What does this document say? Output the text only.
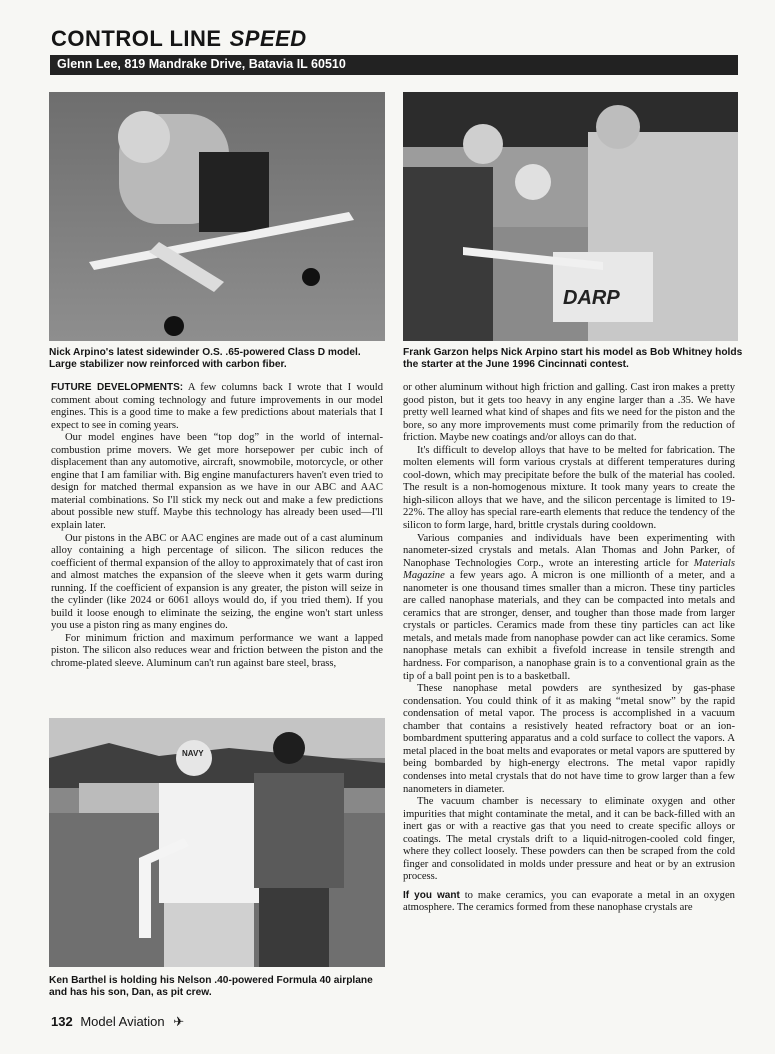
CONTROL LINE SPEED
Glenn Lee, 819 Mandrake Drive, Batavia IL 60510
Nick Arpino's latest sidewinder O.S. .65-powered Class D model. Large stabilizer now reinforced with carbon fiber.
DARP
Frank Garzon helps Nick Arpino start his model as Bob Whitney holds the starter at the June 1996 Cincinnati contest.
NAVY
Ken Barthel is holding his Nelson .40-powered Formula 40 airplane and has his son, Dan, as pit crew.

FUTURE DEVELOPMENTS: A few columns back I wrote that I would comment about coming technology and future improvements in our model engines. This is a good time to make a few predictions about materials that I expect to see in coming years.

Our model engines have been “top dog” in the world of internal-combustion prime movers. We get more horsepower per cubic inch of displacement than any automotive, aircraft, snowmobile, motorcycle, or other engine that I am familiar with. Big engine manufacturers haven't even tried to design for matched thermal expansion as we have in our ABC and AAC material combinations. So I'll stick my neck out and make a few predictions about possible new stuff. Maybe this technology has already been used—I'll explain later.

Our pistons in the ABC or AAC engines are made out of a cast aluminum alloy containing a high percentage of silicon. The silicon reduces the coefficient of thermal expansion of the alloy to approximately that of cast iron and almost matches the expansion of the sleeve when it gets warm during running. If the coefficient of expansion is any greater, the piston will seize in the cylinder (like 2024 or 6061 alloys would do, if you tried them). If you build it loose enough to eliminate the seizing, the engine won't start unless you use a piston ring as many engines do.

For minimum friction and maximum performance we want a lapped piston. The silicon also reduces wear and friction between the piston and the chrome-plated sleeve. Aluminum can't run against bare steel, brass,

or other aluminum without high friction and galling. Cast iron makes a pretty good piston, but it gets too heavy in any engine larger than a .35. We have pretty well learned what kind of shapes and fits we need for the piston and the bore, so any more improvements must come primarily from the reduction of friction. Maybe new coatings and/or alloys can do that.

It's difficult to develop alloys that have to be melted for fabrication. The molten elements will form various crystals at different temperatures during cool-down, which may precipitate before the bulk of the material has cooled. The result is a non-homogenous mixture. It took many years to create the high-silicon alloys that we have, and the silicon percentage is limited to 19-22%. The alloy has special rare-earth elements that reduce the tendency of the silicon to form large, hard, brittle crystals during cooldown.

Various companies and individuals have been experimenting with nanometer-sized crystals and metals. Alan Thomas and John Parker, of Nanophase Technologies Corp., wrote an interesting article for Materials Magazine a few years ago. A micron is one millionth of a meter, and a nanometer is one thousand times smaller than a micron. These tiny particles are called nanophase materials, and they can be compacted into metals and ceramics that are stronger, denser, and tougher than those made from larger crystals or particles. Ceramics made from these tiny particles can act like metals, and metals made from nanophase powder can act like ceramics. Some nanophase metals can exhibit a fivefold increase in tensile strength and hardness. For comparison, a nanophase grain is to a conventional grain as the tip of a ball point pen is to a basketball.

These nanophase metal powders are synthesized by gas-phase condensation. You could think of it as making “metal snow” by the rapid condensation of metal vapor. The process is accomplished in a vacuum chamber that contains a resistively heated refractory boat or an ion-bombardment sputtering apparatus and a cold surface to collect the vapors. A metal placed in the boat melts and evaporates or metal vapors are sputtered by being bombarded by high-energy electrons. The metal vapor rapidly condenses into metal crystals that do not have time to grow larger than a few nanometers in diameter.

The vacuum chamber is necessary to eliminate oxygen and other impurities that might contaminate the metal, and it can be back-filled with an inert gas or with a reactive gas that you need to create specific alloys or coatings. The metal crystals drift to a liquid-nitrogen-cooled cold finger, where they collect loosely. These powders can then be scraped from the cold finger and consolidated in molds under pressure and heat or by an extrusion process.

If you want to make ceramics, you can evaporate a metal in an oxygen atmosphere. The ceramics formed from these nanophase crystals are

132 Model Aviation ✈
